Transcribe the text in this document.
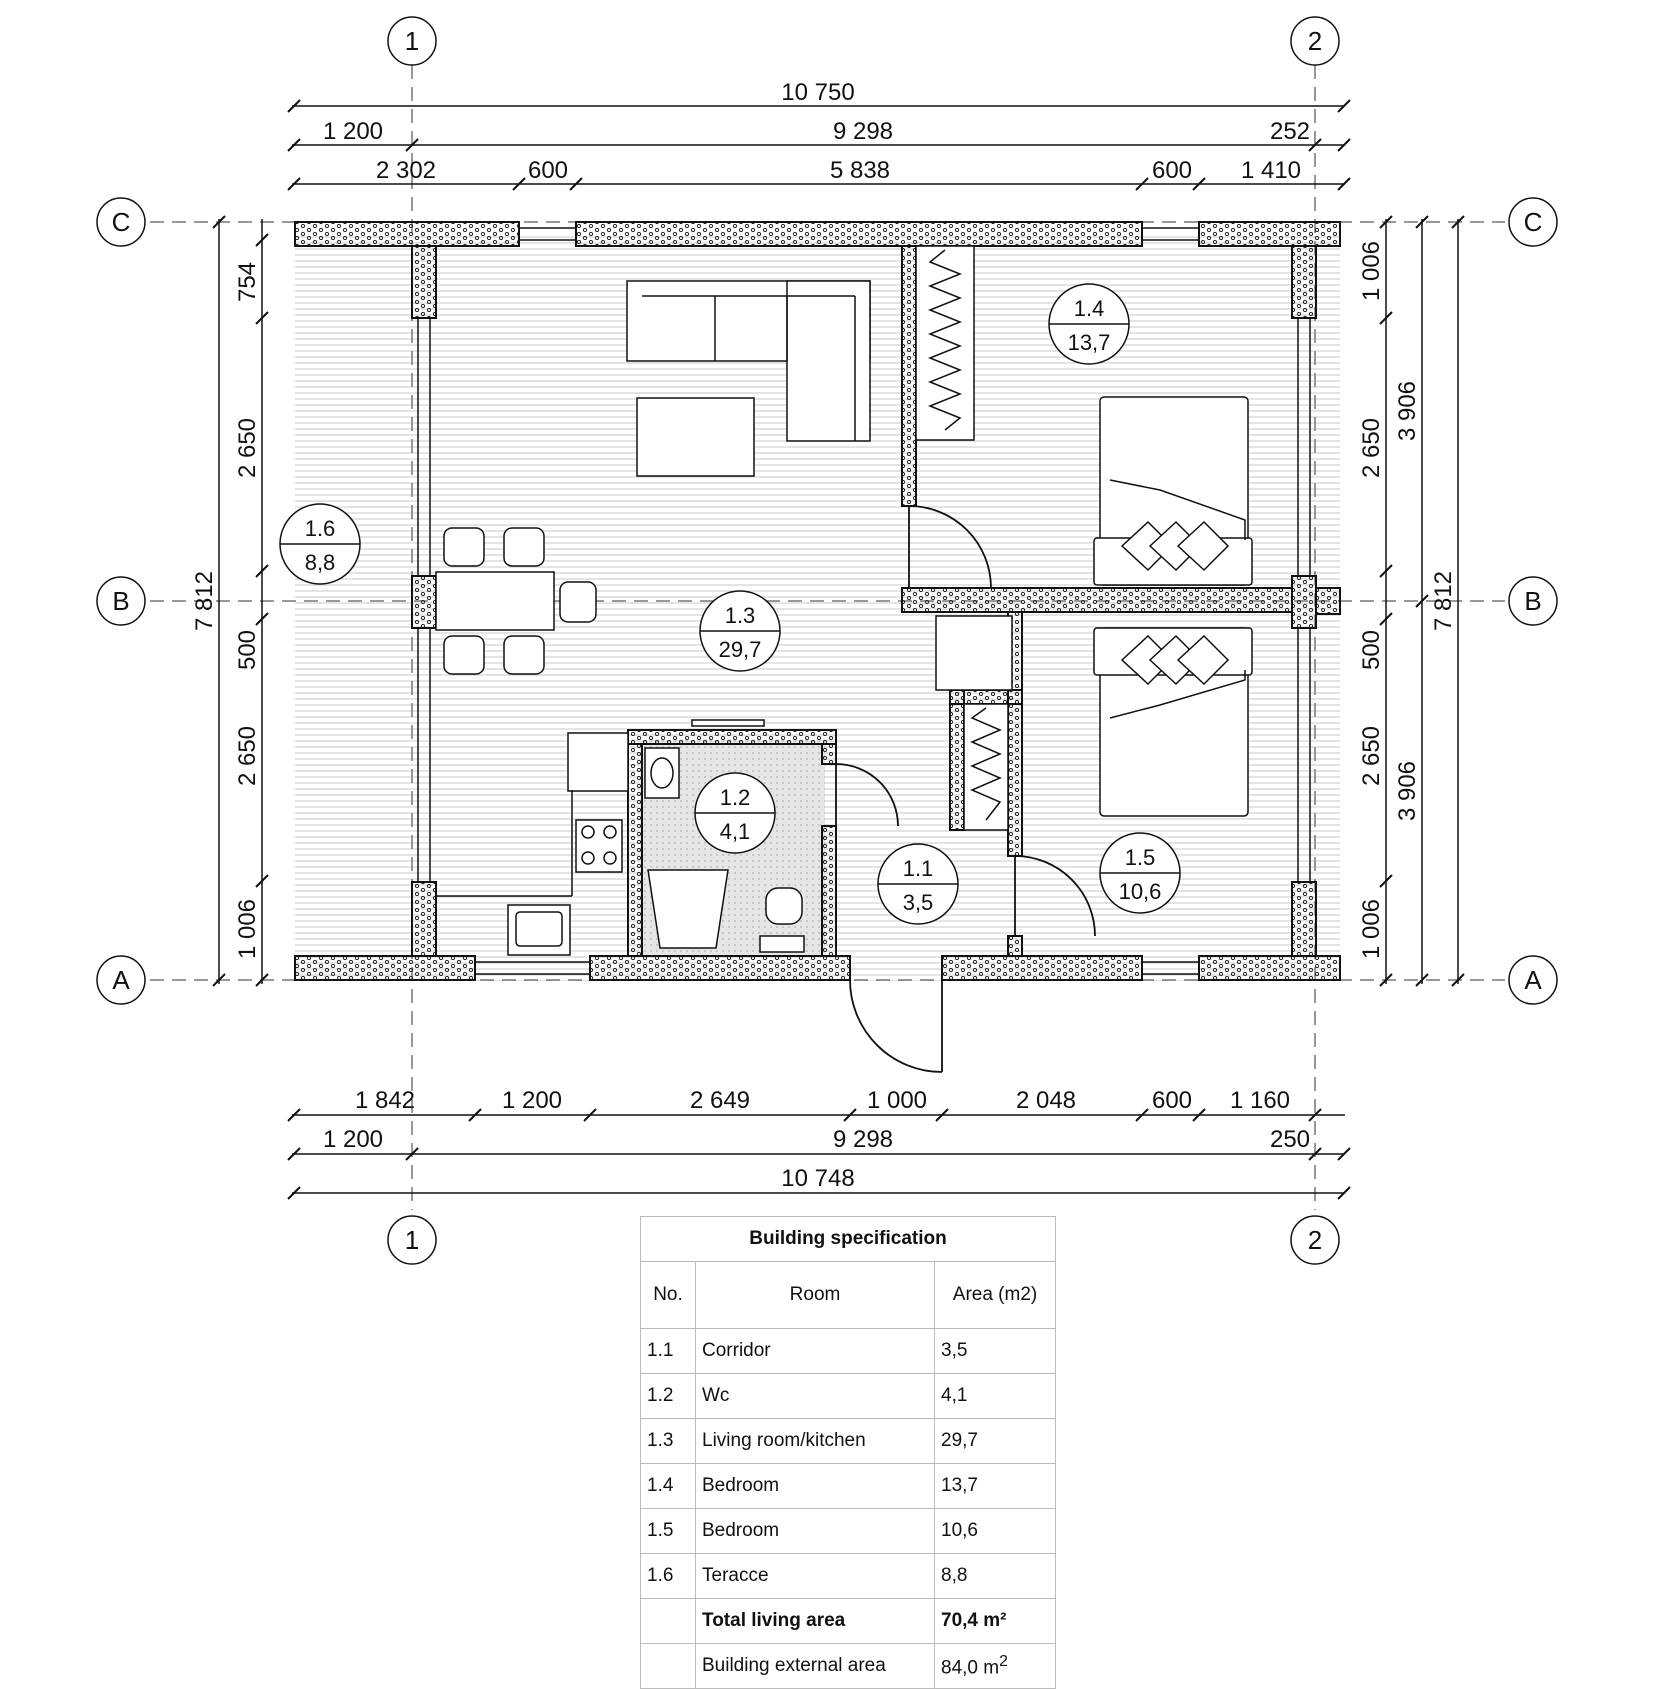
1	2
1	2
C
B
A
C
B
A
1.1
3,5
1.2
4,1
1.3
29,7
1.4
13,7
1.5
10,6
1.6
8,8
10 750
1 200	9 298	252
2 302	600	5 838	600 1 410
1 842	1 200	2 649	1 000	2 048	600 1 160
1 200	9 298	250
10 748
7 812
754
2 650
500
2 650
1 006
1 006
2 650
500
2 650
1 006
3 906
3 906
7 812
Building specification		
No.	Room	Area (m2)
1.1	Corridor	3,5
1.2	Wc	4,1
1.3	Living room/kitchen	29,7
1.4	Bedroom	13,7
1.5	Bedroom	10,6
1.6	Teracce	8,8
	Total living area	70,4 m²
	Building external area	84,0 $m^2$
